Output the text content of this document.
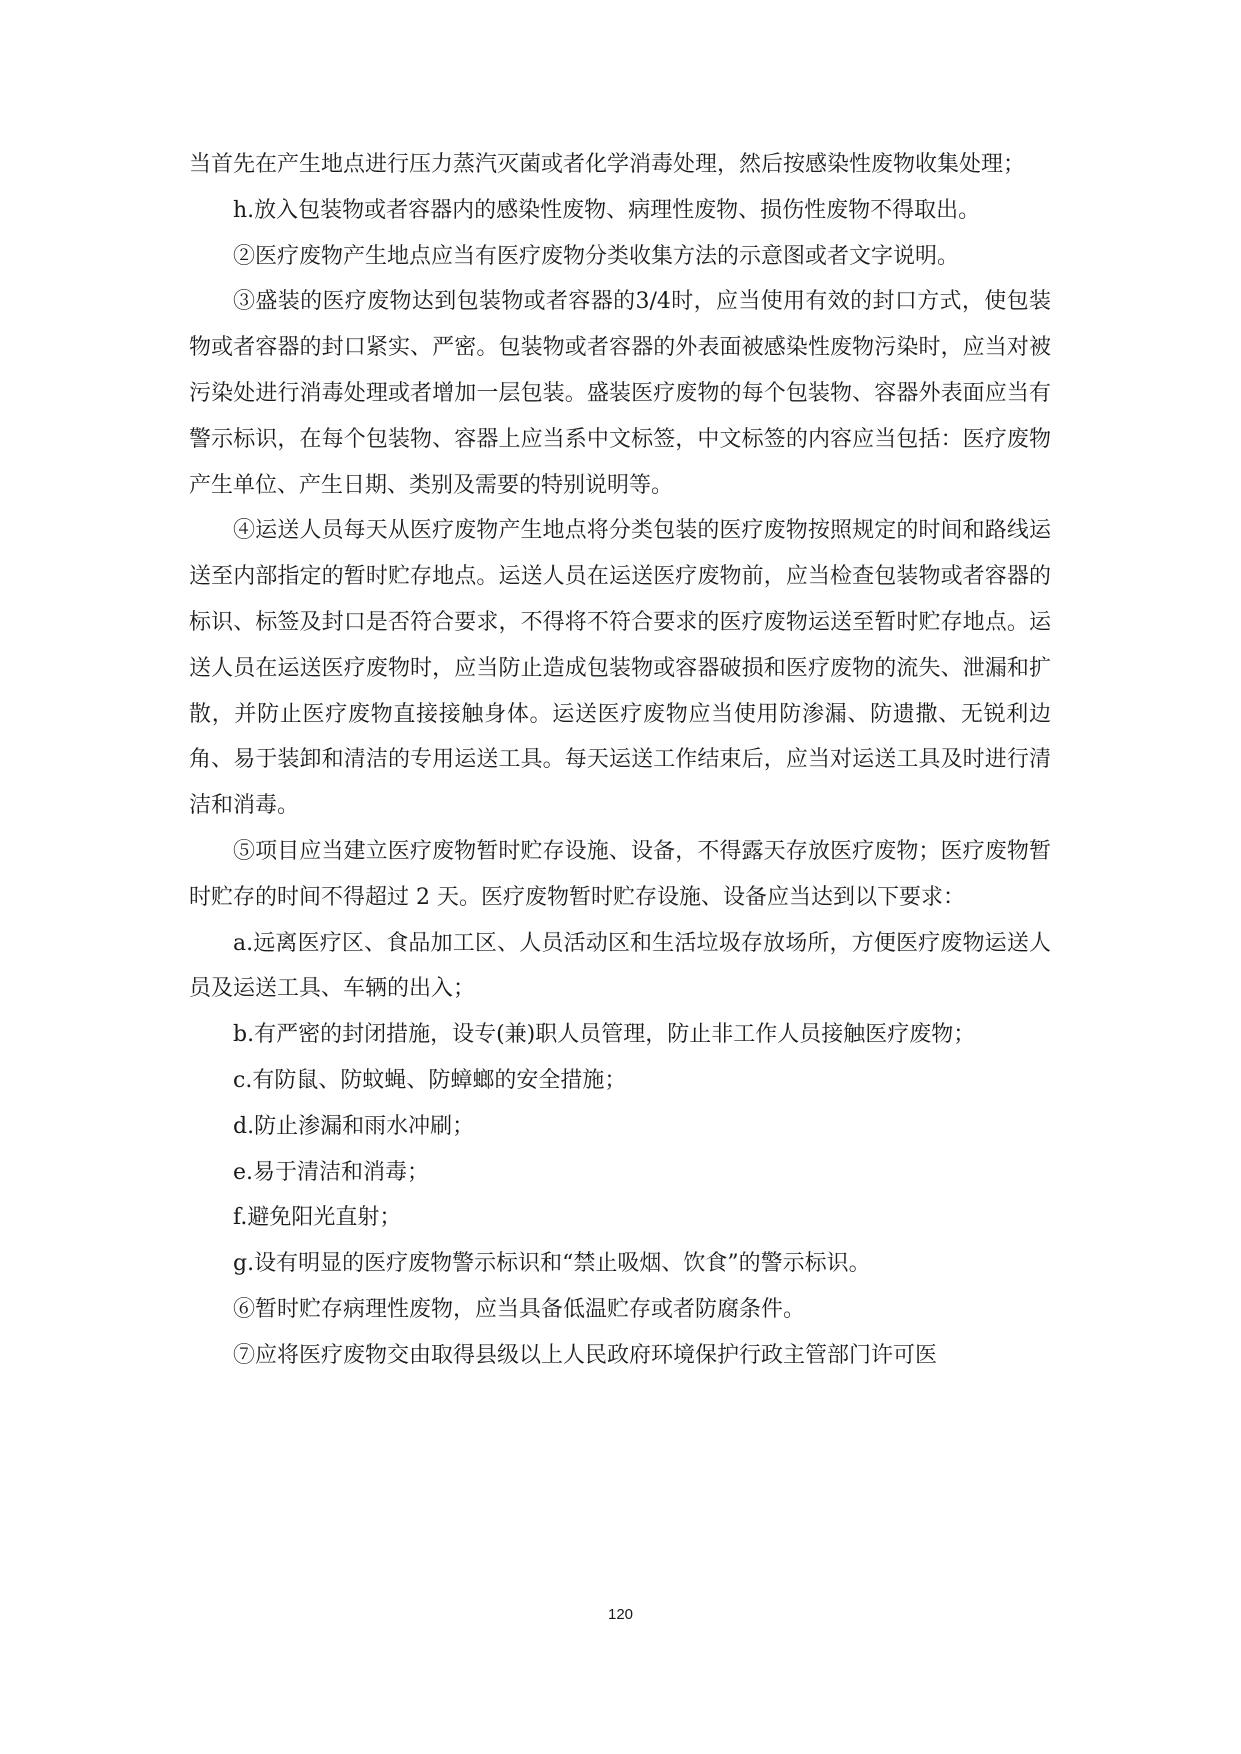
当首先在产生地点进行压力蒸汽灭菌或者化学消毒处理，然后按感染性废物收集处理；

h.放入包装物或者容器内的感染性废物、病理性废物、损伤性废物不得取出。

②医疗废物产生地点应当有医疗废物分类收集方法的示意图或者文字说明。

③盛装的医疗废物达到包装物或者容器的3/4时，应当使用有效的封口方式，使包装物或者容器的封口紧实、严密。包装物或者容器的外表面被感染性废物污染时，应当对被污染处进行消毒处理或者增加一层包装。盛装医疗废物的每个包装物、容器外表面应当有警示标识，在每个包装物、容器上应当系中文标签，中文标签的内容应当包括：医疗废物产生单位、产生日期、类别及需要的特别说明等。

④运送人员每天从医疗废物产生地点将分类包装的医疗废物按照规定的时间和路线运送至内部指定的暂时贮存地点。运送人员在运送医疗废物前，应当检查包装物或者容器的标识、标签及封口是否符合要求，不得将不符合要求的医疗废物运送至暂时贮存地点。运送人员在运送医疗废物时，应当防止造成包装物或容器破损和医疗废物的流失、泄漏和扩散，并防止医疗废物直接接触身体。运送医疗废物应当使用防渗漏、防遗撒、无锐利边角、易于装卸和清洁的专用运送工具。每天运送工作结束后，应当对运送工具及时进行清洁和消毒。

⑤项目应当建立医疗废物暂时贮存设施、设备，不得露天存放医疗废物；医疗废物暂时贮存的时间不得超过 2 天。医疗废物暂时贮存设施、设备应当达到以下要求：

a.远离医疗区、食品加工区、人员活动区和生活垃圾存放场所，方便医疗废物运送人员及运送工具、车辆的出入；

b.有严密的封闭措施，设专(兼)职人员管理，防止非工作人员接触医疗废物；

c.有防鼠、防蚊蝇、防蟑螂的安全措施；

d.防止渗漏和雨水冲刷；

e.易于清洁和消毒；

f.避免阳光直射；

g.设有明显的医疗废物警示标识和“禁止吸烟、饮食”的警示标识。

⑥暂时贮存病理性废物，应当具备低温贮存或者防腐条件。

⑦应将医疗废物交由取得县级以上人民政府环境保护行政主管部门许可医

120
